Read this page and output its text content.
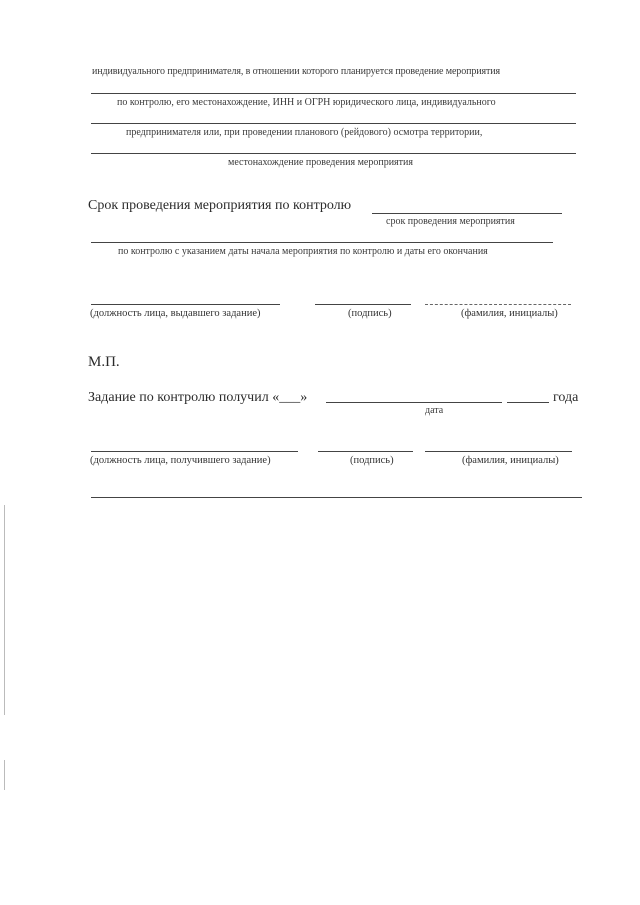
индивидуального предпринимателя, в отношении которого планируется проведение мероприятия
по контролю, его местонахождение, ИНН и ОГРН юридического лица, индивидуального
предпринимателя или, при проведении планового (рейдового) осмотра территории,
местонахождение проведения мероприятия
Срок проведения мероприятия по контролю
срок проведения мероприятия
по контролю с указанием даты начала мероприятия по контролю и даты его окончания
(должность лица, выдавшего задание)	(подпись)	(фамилия, инициалы)
М.П.
Задание по контролю получил «___»	года
дата
(должность лица, получившего задание)	(подпись)	(фамилия, инициалы)
